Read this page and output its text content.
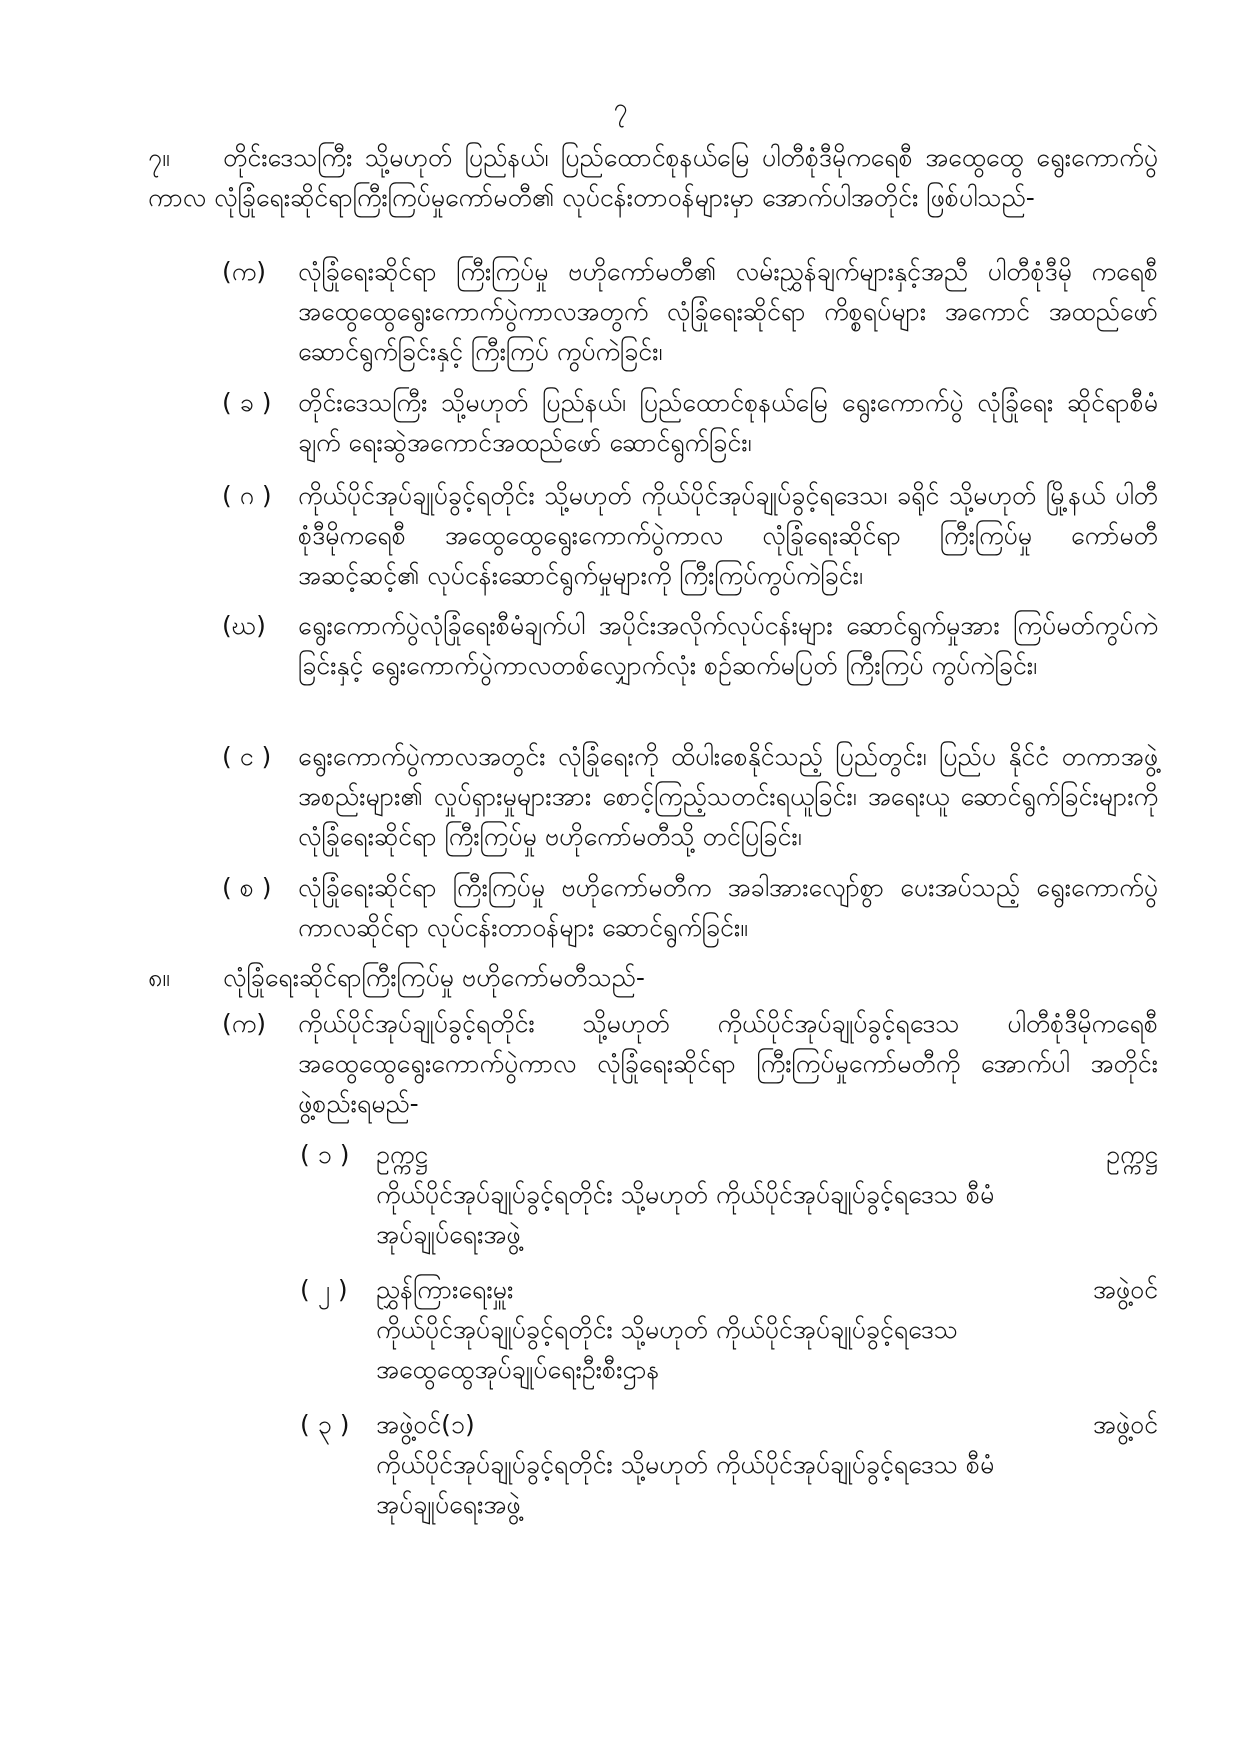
၇
၇။ တိုင်းဒေသကြီး သို့မဟုတ် ပြည်နယ်၊ ပြည်ထောင်စုနယ်မြေ ပါတီစုံဒီမိုကရေစီ အထွေထွေ ရွေးကောက်ပွဲကာလ လုံခြုံရေးဆိုင်ရာကြီးကြပ်မှုကော်မတီ၏ လုပ်ငန်းတာဝန်များမှာ အောက်ပါအတိုင်း ဖြစ်ပါသည်-
(က) လုံခြုံရေးဆိုင်ရာ ကြီးကြပ်မှု ဗဟိုကော်မတီ၏ လမ်းညွှန်ချက်များနှင့်အညီ ပါတီစုံဒီမို ကရေစီ အထွေထွေရွေးကောက်ပွဲကာလအတွက် လုံခြုံရေးဆိုင်ရာ ကိစ္စရပ်များ အကောင် အထည်ဖော် ဆောင်ရွက်ခြင်းနှင့် ကြီးကြပ် ကွပ်ကဲခြင်း၊
( ခ ) တိုင်းဒေသကြီး သို့မဟုတ် ပြည်နယ်၊ ပြည်ထောင်စုနယ်မြေ ရွေးကောက်ပွဲ လုံခြုံရေး ဆိုင်ရာစီမံချက် ရေးဆွဲအကောင်အထည်ဖော် ဆောင်ရွက်ခြင်း၊
( ဂ ) ကိုယ်ပိုင်အုပ်ချုပ်ခွင့်ရတိုင်း သို့မဟုတ် ကိုယ်ပိုင်အုပ်ချုပ်ခွင့်ရဒေသ၊ ခရိုင် သို့မဟုတ် မြို့နယ် ပါတီစုံဒီမိုကရေစီ အထွေထွေရွေးကောက်ပွဲကာလ လုံခြုံရေးဆိုင်ရာ ကြီးကြပ်မှု ကော်မတီ အဆင့်ဆင့်၏ လုပ်ငန်းဆောင်ရွက်မှုများကို ကြီးကြပ်ကွပ်ကဲခြင်း၊
(ဃ) ရွေးကောက်ပွဲလုံခြုံရေးစီမံချက်ပါ အပိုင်းအလိုက်လုပ်ငန်းများ ဆောင်ရွက်မှုအား ကြပ်မတ်ကွပ်ကဲခြင်းနှင့် ရွေးကောက်ပွဲကာလတစ်လျှောက်လုံး စဉ်ဆက်မပြတ် ကြီးကြပ် ကွပ်ကဲခြင်း၊
( င ) ရွေးကောက်ပွဲကာလအတွင်း လုံခြုံရေးကို ထိပါးစေနိုင်သည့် ပြည်တွင်း၊ ပြည်ပ နိုင်ငံ တကာအဖွဲ့အစည်းများ၏ လှုပ်ရှားမှုများအား စောင့်ကြည့်သတင်းရယူခြင်း၊ အရေးယူ ဆောင်ရွက်ခြင်းများကို လုံခြုံရေးဆိုင်ရာ ကြီးကြပ်မှု ဗဟိုကော်မတီသို့ တင်ပြခြင်း၊
( စ ) လုံခြုံရေးဆိုင်ရာ ကြီးကြပ်မှု ဗဟိုကော်မတီက အခါအားလျော်စွာ ပေးအပ်သည့် ရွေးကောက်ပွဲ ကာလဆိုင်ရာ လုပ်ငန်းတာဝန်များ ဆောင်ရွက်ခြင်း။
၈။ လုံခြုံရေးဆိုင်ရာကြီးကြပ်မှု ဗဟိုကော်မတီသည်-
(က) ကိုယ်ပိုင်အုပ်ချုပ်ခွင့်ရတိုင်း သို့မဟုတ် ကိုယ်ပိုင်အုပ်ချုပ်ခွင့်ရဒေသ ပါတီစုံဒီမိုကရေစီ အထွေထွေရွေးကောက်ပွဲကာလ လုံခြုံရေးဆိုင်ရာ ကြီးကြပ်မှုကော်မတီကို အောက်ပါ အတိုင်း ဖွဲ့စည်းရမည်-
( ၁ ) ဥက္ကဋ္ဌ	ဥက္ကဋ္ဌ
ကိုယ်ပိုင်အုပ်ချုပ်ခွင့်ရတိုင်း သို့မဟုတ် ကိုယ်ပိုင်အုပ်ချုပ်ခွင့်ရဒေသ စီမံအုပ်ချုပ်ရေးအဖွဲ့
( ၂ ) ညွှန်ကြားရေးမှူး	အဖွဲ့ဝင်
ကိုယ်ပိုင်အုပ်ချုပ်ခွင့်ရတိုင်း သို့မဟုတ် ကိုယ်ပိုင်အုပ်ချုပ်ခွင့်ရဒေသ အထွေထွေအုပ်ချုပ်ရေးဦးစီးဌာန
( ၃ ) အဖွဲ့ဝင်(၁)	အဖွဲ့ဝင်
ကိုယ်ပိုင်အုပ်ချုပ်ခွင့်ရတိုင်း သို့မဟုတ် ကိုယ်ပိုင်အုပ်ချုပ်ခွင့်ရဒေသ စီမံအုပ်ချုပ်ရေးအဖွဲ့
